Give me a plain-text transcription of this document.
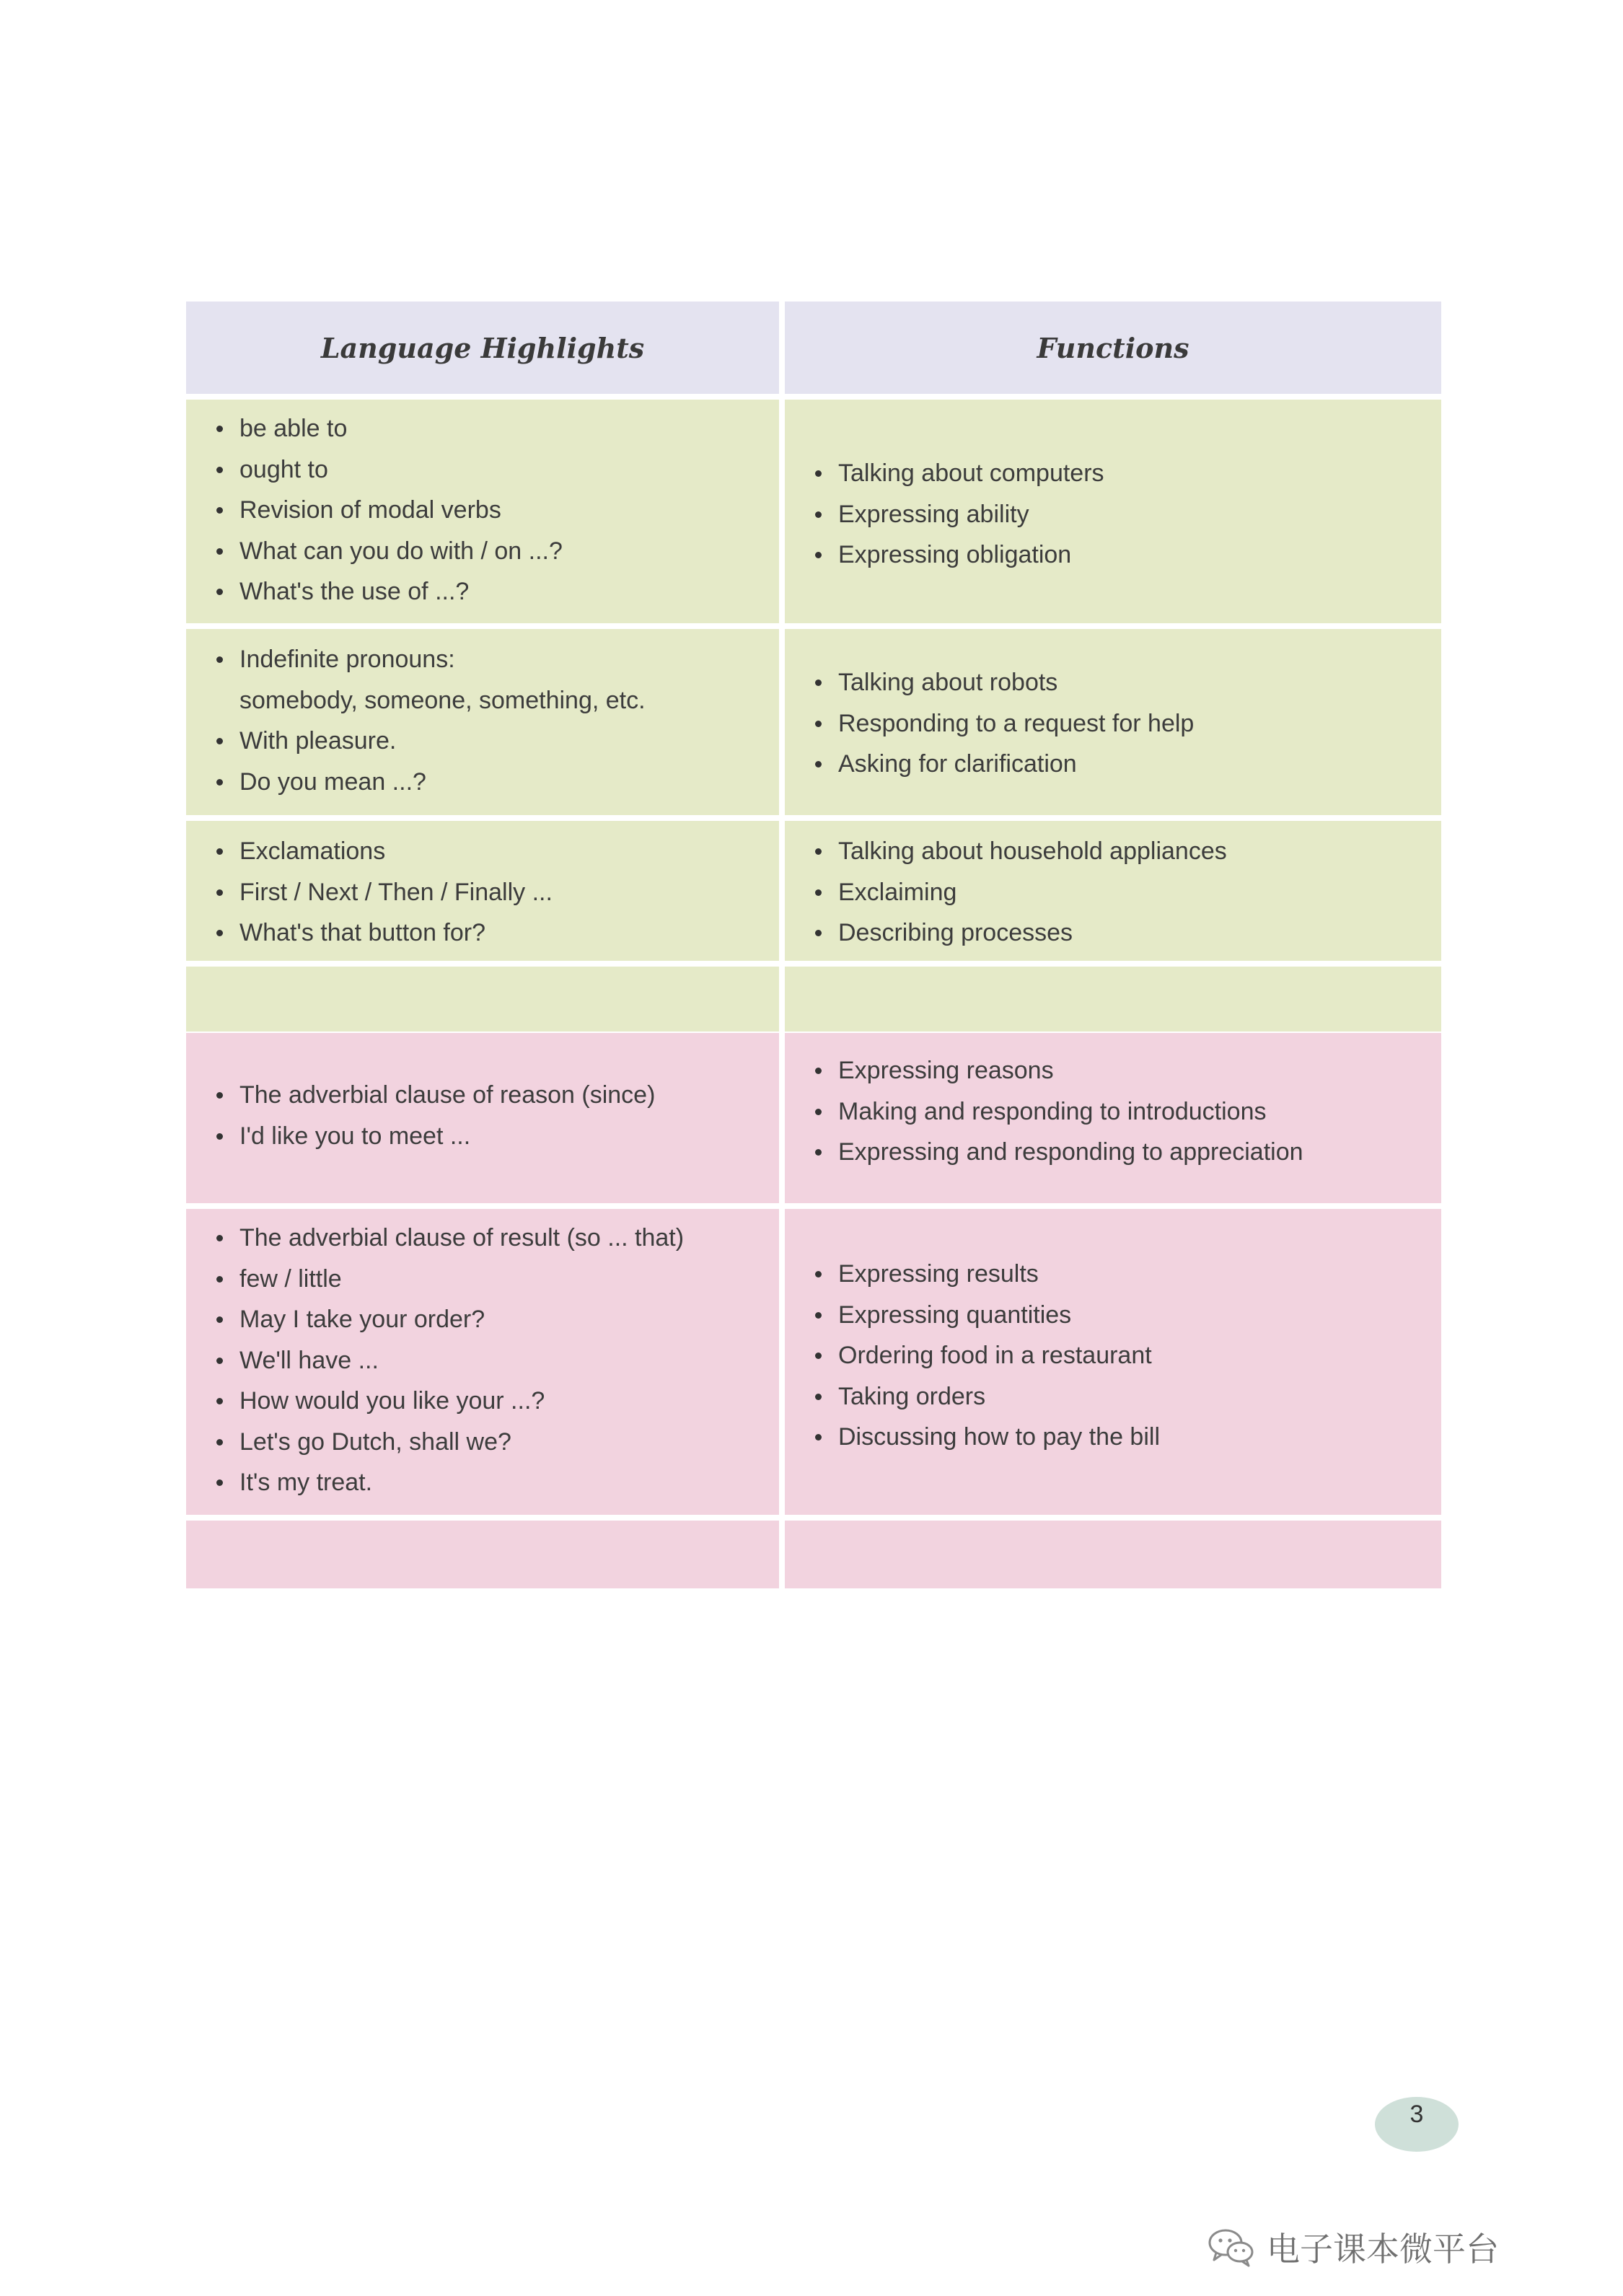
Language Highlights	Functions
be able to
ought to
Revision of modal verbs
What can you do with / on ...?
What's the use of ...?
Talking about computers
Expressing ability
Expressing obligation
Indefinite pronouns:
somebody, someone, something, etc.
With pleasure.
Do you mean ...?
Talking about robots
Responding to a request for help
Asking for clarification
Exclamations
First / Next / Then / Finally ...
What's that button for?
Talking about household appliances
Exclaiming
Describing processes
The adverbial clause of reason (since)
I'd like you to meet ...
Expressing reasons
Making and responding to introductions
Expressing and responding to appreciation
The adverbial clause of result (so ... that)
few / little
May I take your order?
We'll have ...
How would you like your ...?
Let's go Dutch, shall we?
It's my treat.
Expressing results
Expressing quantities
Ordering food in a restaurant
Taking orders
Discussing how to pay the bill
3
电子课本微平台
